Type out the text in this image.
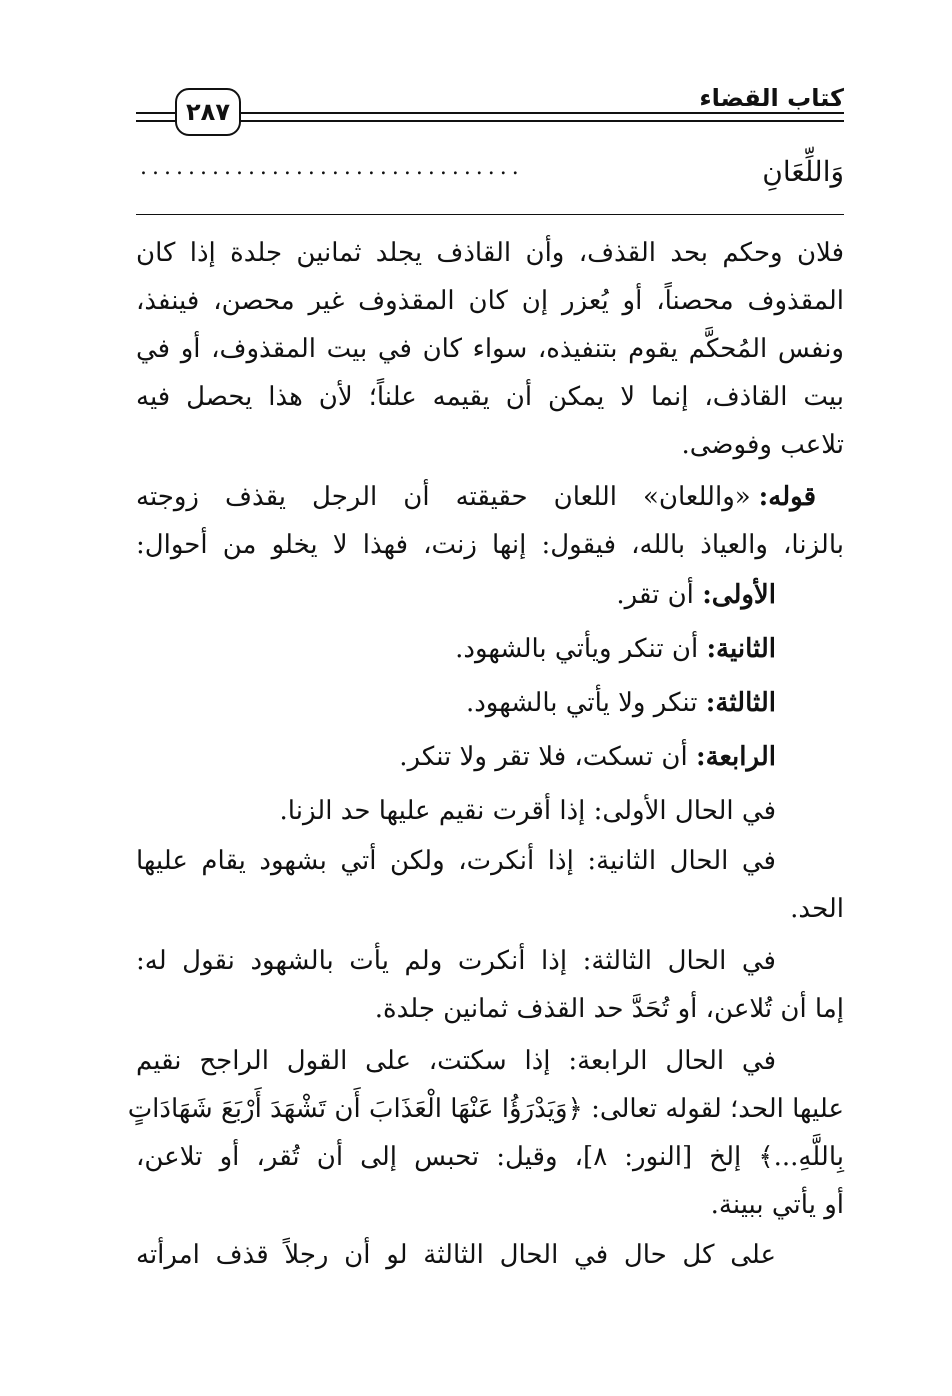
كتاب القضاء
٢٨٧
وَاللِّعَانِ
................................
فلان وحكم بحد القذف، وأن القاذف يجلد ثمانين جلدة إذا كان
المقذوف محصناً، أو يُعزر إن كان المقذوف غير محصن، فينفذ،
ونفس المُحكَّم يقوم بتنفيذه، سواء كان في بيت المقذوف، أو في
بيت القاذف، إنما لا يمكن أن يقيمه علناً؛ لأن هذا يحصل فيه
تلاعب وفوضى.
قوله:
«واللعان» اللعان حقيقته أن الرجل يقذف زوجته
بالزنا، والعياذ بالله، فيقول: إنها زنت، فهذا لا يخلو من أحوال:
الأولى: أن تقر.
الثانية: أن تنكر ويأتي بالشهود.
الثالثة: تنكر ولا يأتي بالشهود.
الرابعة: أن تسكت، فلا تقر ولا تنكر.
في الحال الأولى: إذا أقرت نقيم عليها حد الزنا.
في الحال الثانية: إذا أنكرت، ولكن أتي بشهود يقام عليها
الحد.
في الحال الثالثة: إذا أنكرت ولم يأت بالشهود نقول له:
إما أن تُلاعن، أو تُحَدَّ حد القذف ثمانين جلدة.
في الحال الرابعة: إذا سكتت، على القول الراجح نقيم
عليها الحد؛ لقوله تعالى: ﴿وَيَدْرَؤُا عَنْهَا الْعَذَابَ أَن تَشْهَدَ أَرْبَعَ شَهَادَاتٍ
بِاللَّهِ...﴾ إلخ [النور: ٨]، وقيل: تحبس إلى أن تُقر، أو تلاعن،
أو يأتي ببينة.
على كل حال في الحال الثالثة لو أن رجلاً قذف امرأته
